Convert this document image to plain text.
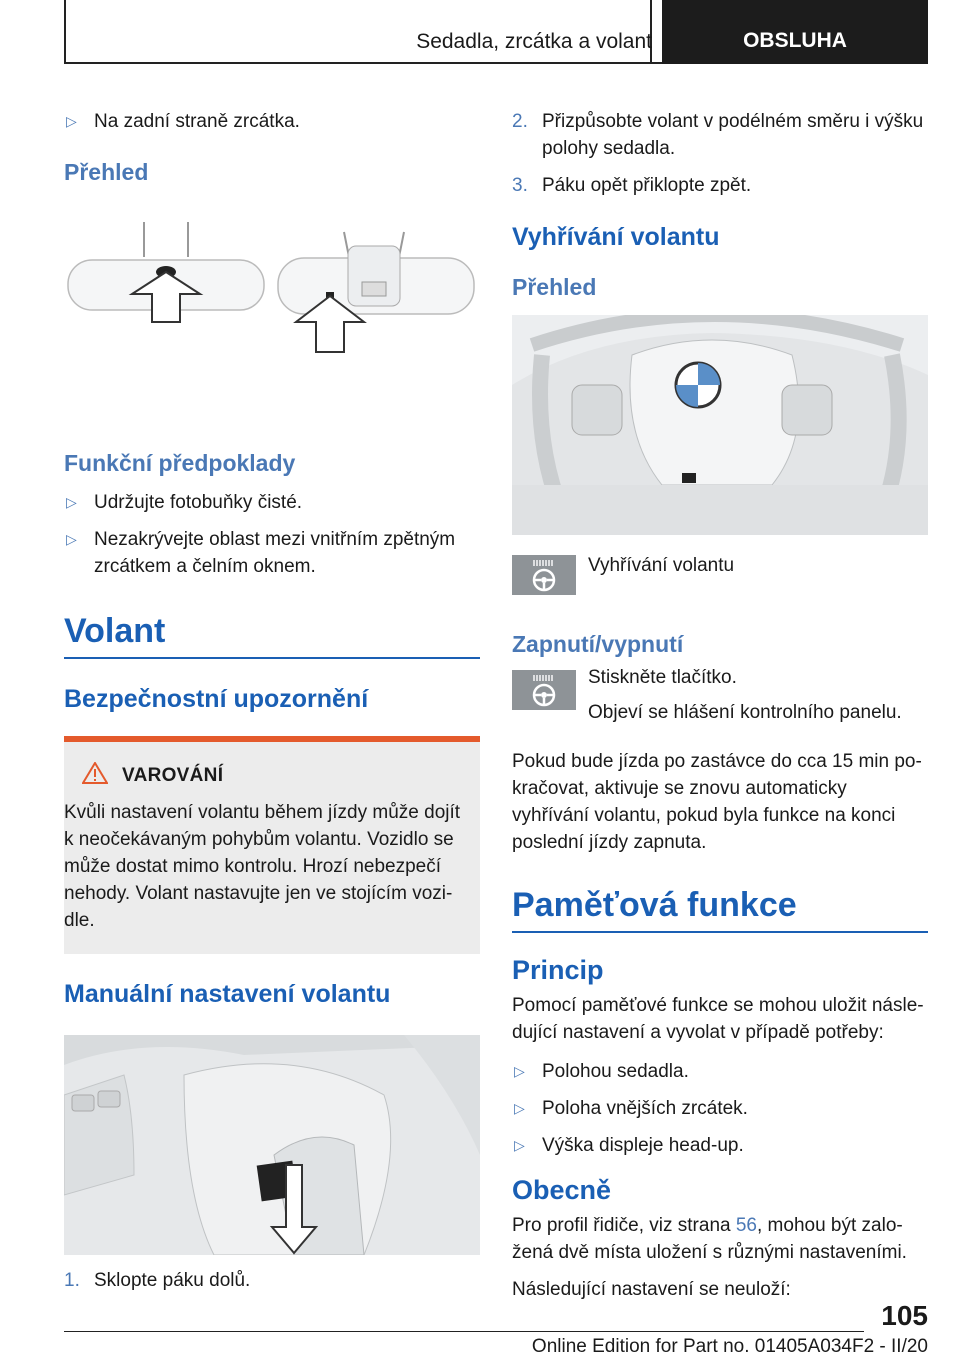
Sedadla, zrcátka a volant	OBSLUHA
▷ Na zadní straně zrcátka.
Přehled
Funkční předpoklady
▷ Udržujte fotobuňky čisté.
▷ Nezakrývejte oblast mezi vnitřním zpětným zrcátkem a čelním oknem.
Volant
Bezpečnostní upozornění
VAROVÁNÍ

Kvůli nastavení volantu během jízdy může dojít k neočekávaným pohybům volantu. Vozidlo se může dostat mimo kontrolu. Hrozí nebezpečí nehody. Volant nastavujte jen ve stojícím vozidle.

Manuální nastavení volantu
1. Sklopte páku dolů.
2. Přizpůsobte volant v podélném směru i výšku polohy sedadla.
3. Páku opět přiklopte zpět.
Vyhřívání volantu
Přehled
Vyhřívání volantu
Zapnutí/vypnutí

Stiskněte tlačítko.

Objeví se hlášení kontrolního panelu.

Pokud bude jízda po zastávce do cca 15 min pokračovat, aktivuje se znovu automaticky vyhřívání volantu, pokud byla funkce na konci poslední jízdy zapnuta.

Paměťová funkce
Princip

Pomocí paměťové funkce se mohou uložit následující nastavení a vyvolat v případě potřeby:

▷ Polohou sedadla.
▷ Poloha vnějších zrcátek.
▷ Výška displeje head-up.
Obecně

Pro profil řidiče, viz strana 56, mohou být založená dvě místa uložení s různými nastaveními.

Následující nastavení se neuloží:

105
Online Edition for Part no. 01405A034F2 - II/20
